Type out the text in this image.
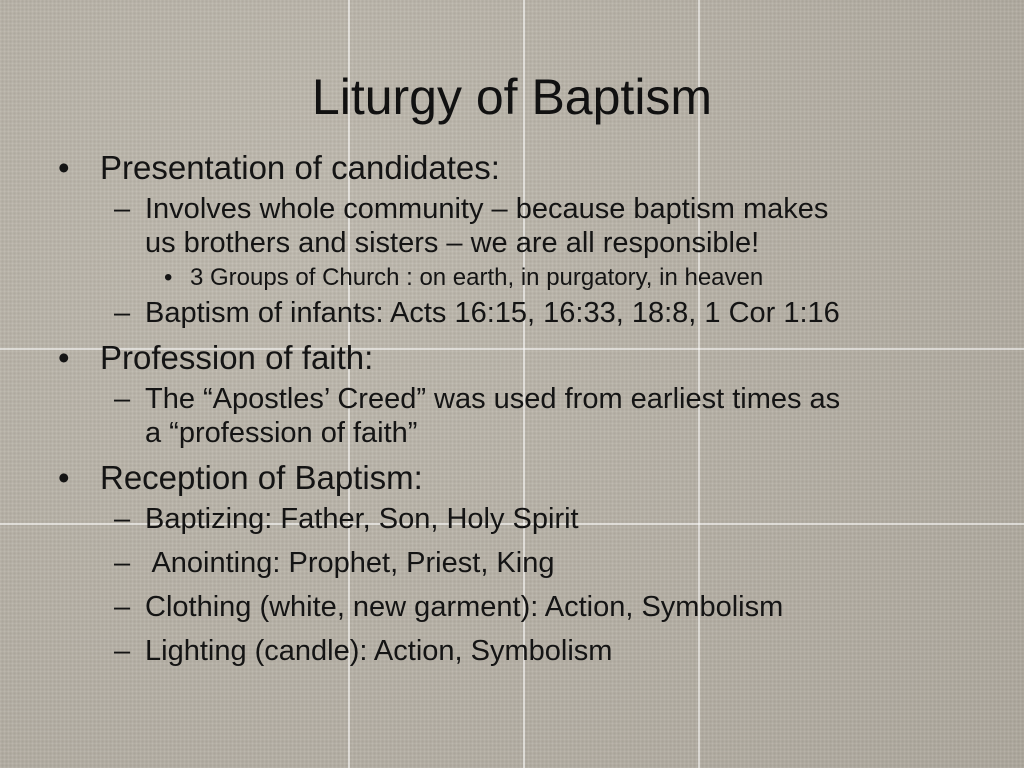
Liturgy of Baptism
• Presentation of candidates:
– Involves whole community – because baptism makes
us brothers and sisters – we are all responsible!
• 3 Groups of Church : on earth, in purgatory, in heaven
– Baptism of infants: Acts 16:15, 16:33, 18:8, 1 Cor 1:16
• Profession of faith:
– The “Apostles’ Creed” was used from earliest times as
a “profession of faith”
• Reception of Baptism:
– Baptizing: Father, Son, Holy Spirit
– Anointing: Prophet, Priest, King
– Clothing (white, new garment): Action, Symbolism
– Lighting (candle): Action, Symbolism
